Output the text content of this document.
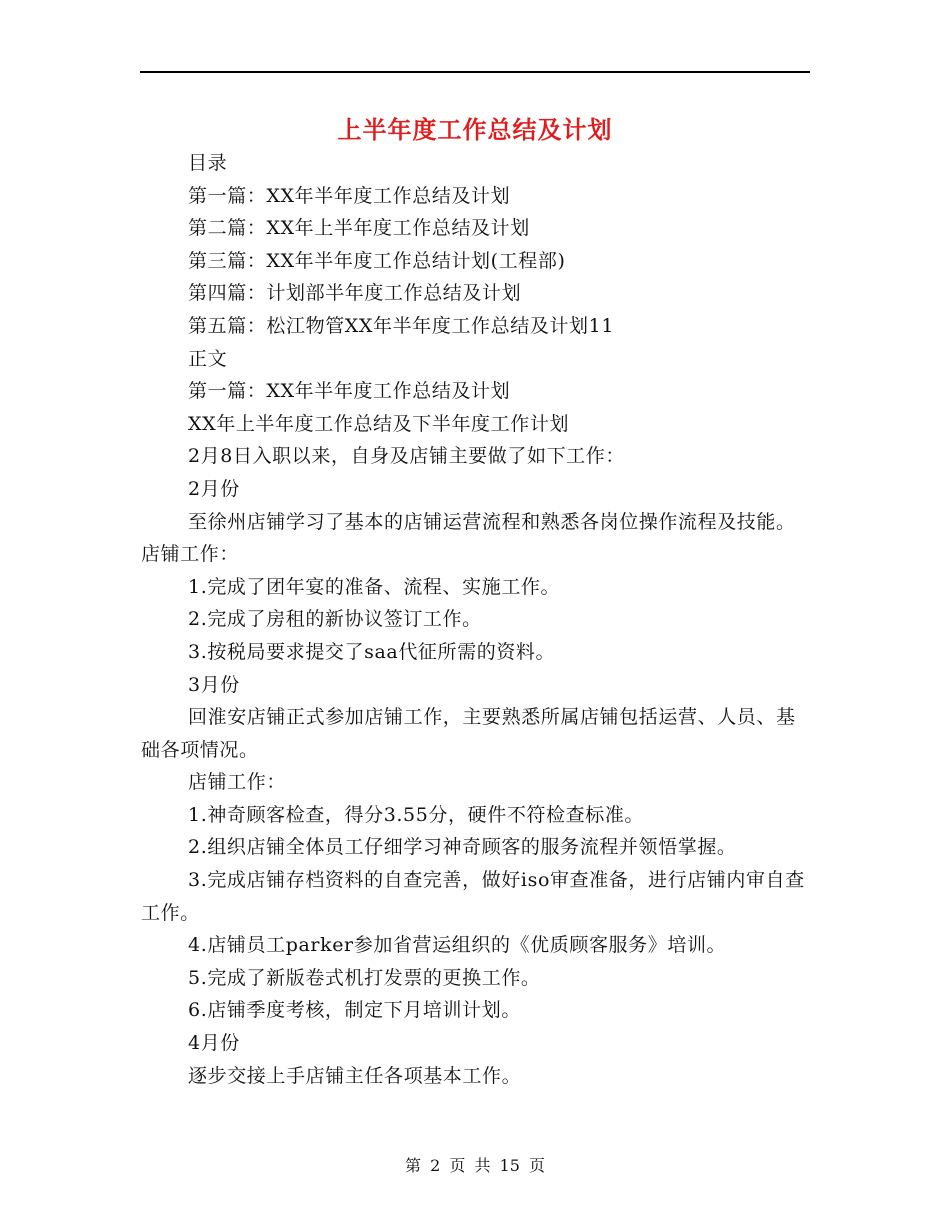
上半年度工作总结及计划

目录

第一篇：XX年半年度工作总结及计划

第二篇：XX年上半年度工作总结及计划

第三篇：XX年半年度工作总结计划(工程部)

第四篇：计划部半年度工作总结及计划

第五篇：松江物管XX年半年度工作总结及计划11

正文

第一篇：XX年半年度工作总结及计划

XX年上半年度工作总结及下半年度工作计划

2月8日入职以来，自身及店铺主要做了如下工作：

2月份

至徐州店铺学习了基本的店铺运营流程和熟悉各岗位操作流程及技能。店铺工作：

1.完成了团年宴的准备、流程、实施工作。

2.完成了房租的新协议签订工作。

3.按税局要求提交了saa代征所需的资料。

3月份

回淮安店铺正式参加店铺工作，主要熟悉所属店铺包括运营、人员、基础各项情况。

店铺工作：

1.神奇顾客检查，得分3.55分，硬件不符检查标准。

2.组织店铺全体员工仔细学习神奇顾客的服务流程并领悟掌握。

3.完成店铺存档资料的自查完善，做好iso审查准备，进行店铺内审自查工作。

4.店铺员工parker参加省营运组织的《优质顾客服务》培训。

5.完成了新版卷式机打发票的更换工作。

6.店铺季度考核，制定下月培训计划。

4月份

逐步交接上手店铺主任各项基本工作。

第 2 页 共 15 页
